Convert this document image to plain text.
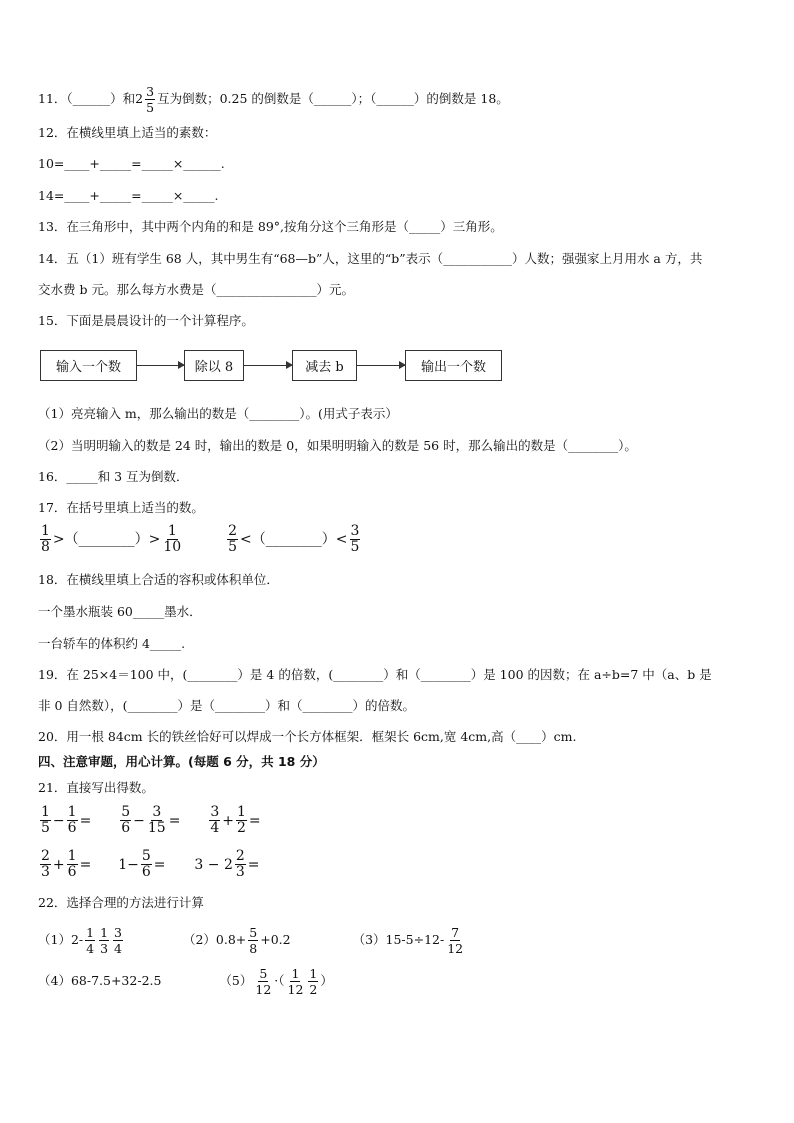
11．（______）和$2 \frac{3}{5}$ 互为倒数；0.25 的倒数是（______）；（______）的倒数是 18。
12．在横线里填上适当的素数：
10=____+_____=_____×______.
14=____+_____=_____×_____.
13．在三角形中，其中两个内角的和是 89°,按角分这个三角形是（_____）三角形。
14．五（1）班有学生 68 人，其中男生有“68—b”人，这里的“b”表示（___________）人数；强强家上月用水 a 方，共
交水费 b 元。那么每方水费是（________________）元。
15．下面是晨晨设计的一个计算程序。
输入一个数	除以 8	减去 b	输出一个数
（1）亮亮输入 m，那么输出的数是（________）。(用式子表示）
（2）当明明输入的数是 24 时，输出的数是 0，如果明明输入的数是 56 时，那么输出的数是（________）。
16．_____和 3 互为倒数．
17．在括号里填上适当的数。
$\frac{1}{8}$ >（________）> $\frac{1}{10}$
	$\frac{2}{5}$ <（________）< $\frac{3}{5}$
18．在横线里填上合适的容积或体积单位．
一个墨水瓶装 60_____墨水．
一台轿车的体积约 4_____.
19．在 25×4＝100 中，(________）是 4 的倍数，(________）和（________）是 100 的因数；在 a÷b=7 中（a、b 是
非 0 自然数），(________）是（________）和（________）的倍数。
20．用一根 84cm 长的铁丝恰好可以焊成一个长方体框架．框架长 6cm,宽 4cm,高（____）cm.
四、注意审题，用心计算。(每题 6 分，共 18 分）
21．直接写出得数。
$\frac{1}{5} - \frac{1}{6} = \frac{5}{6} - \frac{3}{15} = \frac{3}{4} + \frac{1}{2}$ =
$\frac{2}{3} + \frac{1}{6} = 1- \frac{5}{6} = 3 - 2 \frac{2}{3}$ =
22．选择合理的方法进行计算
$(1)2- \frac{1}{4} \frac{1}{3} \frac{3}{4}$	$(2)0.8+ \frac{5}{8} +0.2$	$(3)15-5\div 12- \frac{7}{12}$
（4）68-7.5+32-2.5	$(5) \frac{5}{12}$ ·（ $\frac{1}{12} \frac{1}{2}$ ）
